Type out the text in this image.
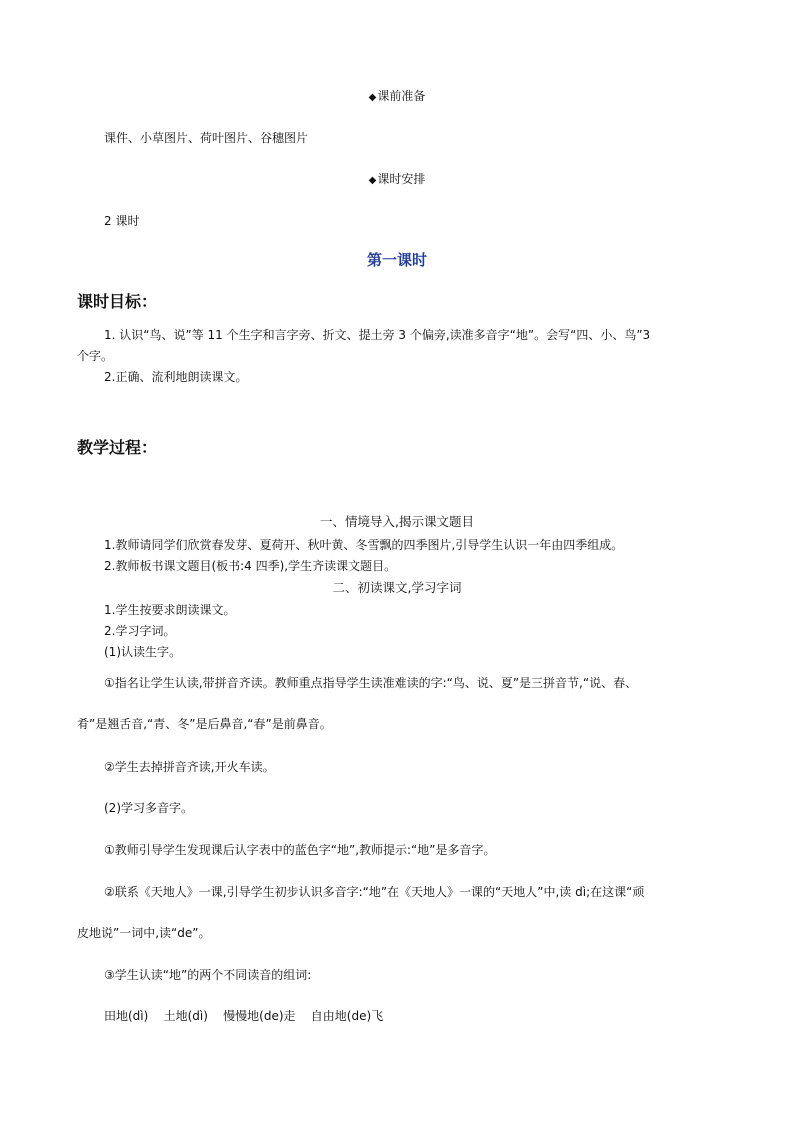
◆课前准备
课件、小草图片、荷叶图片、谷穗图片
◆课时安排
2 课时
第一课时
课时目标：
1. 认识“鸟、说”等 11 个生字和言字旁、折文、提土旁 3 个偏旁,读准多音字“地”。会写“四、小、鸟”3
个字。
2.正确、流利地朗读课文。
教学过程：
一、情境导入,揭示课文题目
1.教师请同学们欣赏春发芽、夏荷开、秋叶黄、冬雪飘的四季图片,引导学生认识一年由四季组成。
2.教师板书课文题目(板书:4 四季),学生齐读课文题目。
二、初读课文,学习字词
1.学生按要求朗读课文。
2.学习字词。
(1)认读生字。
①指名让学生认读,带拼音齐读。教师重点指导学生读准难读的字:“鸟、说、夏”是三拼音节,“说、春、
肴”是翘舌音,“青、冬”是后鼻音,“春”是前鼻音。
②学生去掉拼音齐读,开火车读。
(2)学习多音字。
①教师引导学生发现课后认字表中的蓝色字“地”,教师提示:“地”是多音字。
②联系《天地人》一课,引导学生初步认识多音字:“地”在《天地人》一课的“天地人”中,读 dì;在这课“顽
皮地说”一词中,读“de”。
③学生认读“地”的两个不同读音的组词:
田地(dì)    土地(dì)    慢慢地(de)走    自由地(de)飞
